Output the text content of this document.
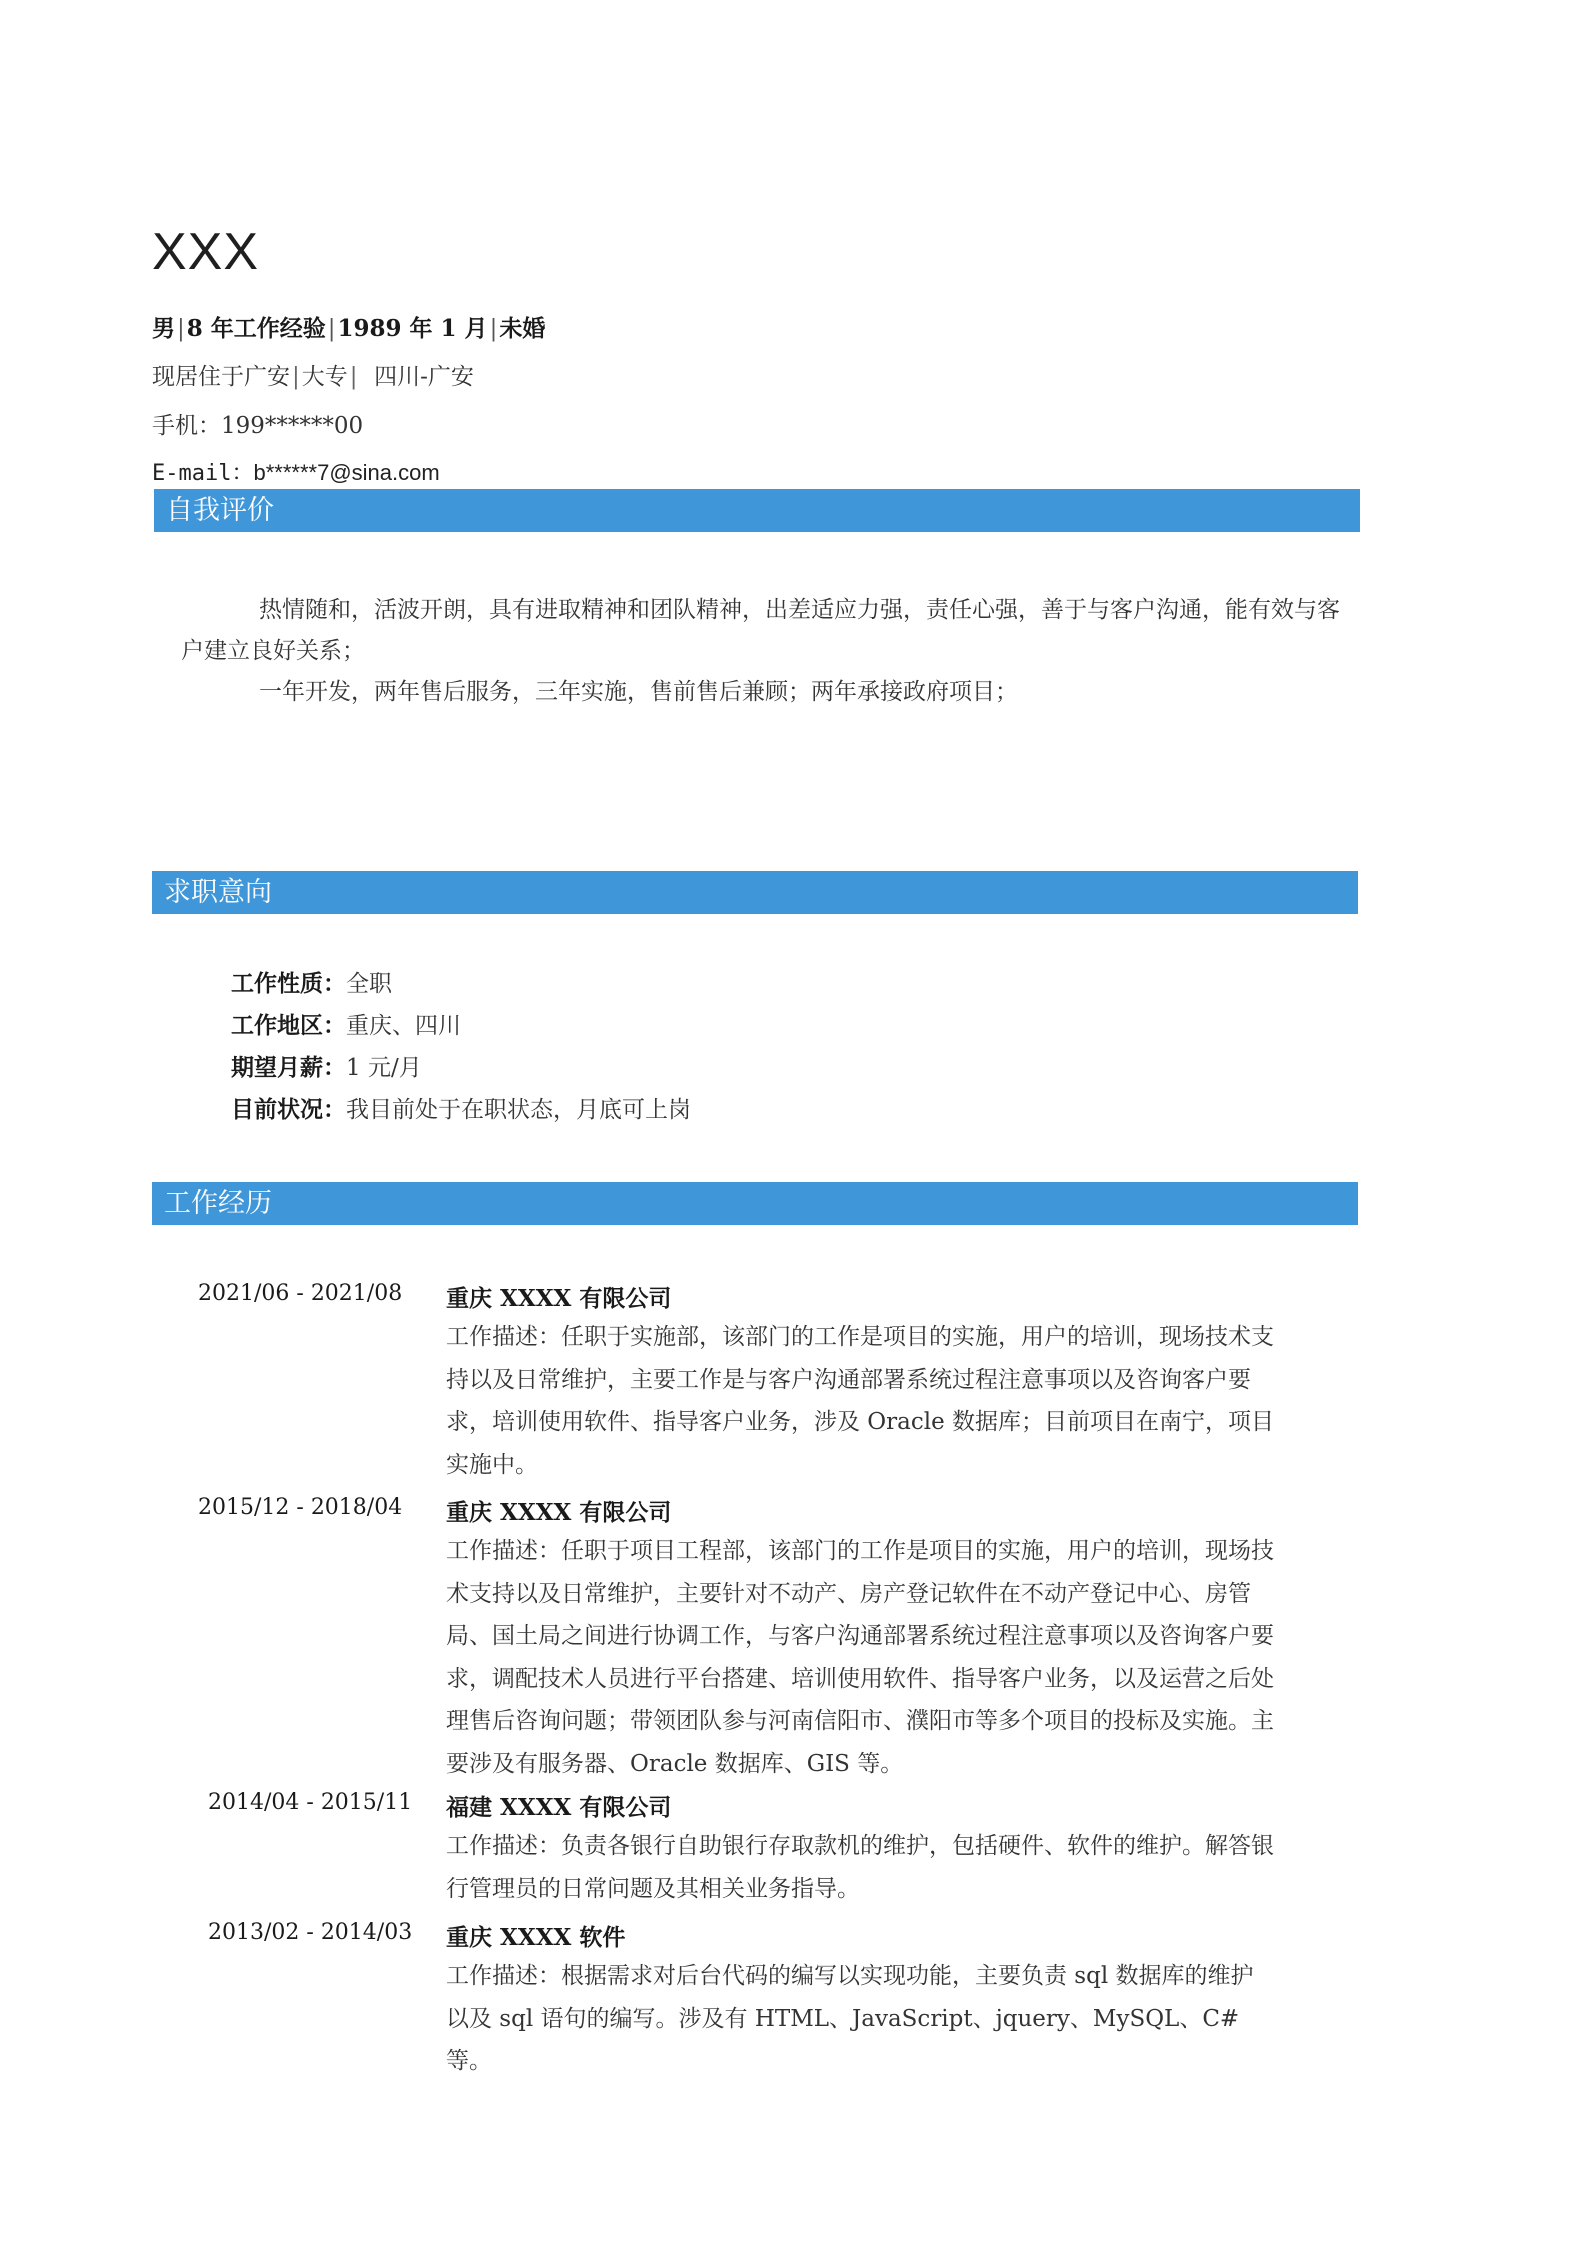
XXX
男|8 年工作经验|1989 年 1 月|未婚
现居住于广安|大专| 四川-广安
手机：199******00
E-mail：b******7@sina.com
自我评价

热情随和，活波开朗，具有进取精神和团队精神，出差适应力强，责任心强，善于与客户沟通，能有效与客户建立良好关系；

一年开发，两年售后服务，三年实施，售前售后兼顾；两年承接政府项目；

求职意向
工作性质：全职
工作地区：重庆、四川
期望月薪：1 元/月
目前状况：我目前处于在职状态，月底可上岗
工作经历
2021/06 - 2021/08 重庆 XXXX 有限公司
工作描述：任职于实施部，该部门的工作是项目的实施，用户的培训，现场技术支持以及日常维护，主要工作是与客户沟通部署系统过程注意事项以及咨询客户要求，培训使用软件、指导客户业务，涉及 Oracle 数据库；目前项目在南宁，项目实施中。
2015/12 - 2018/04 重庆 XXXX 有限公司
工作描述：任职于项目工程部，该部门的工作是项目的实施，用户的培训，现场技术支持以及日常维护，主要针对不动产、房产登记软件在不动产登记中心、房管局、国土局之间进行协调工作，与客户沟通部署系统过程注意事项以及咨询客户要求，调配技术人员进行平台搭建、培训使用软件、指导客户业务，以及运营之后处理售后咨询问题；带领团队参与河南信阳市、濮阳市等多个项目的投标及实施。主要涉及有服务器、Oracle 数据库、GIS 等。
2014/04 - 2015/11 福建 XXXX 有限公司
工作描述：负责各银行自助银行存取款机的维护，包括硬件、软件的维护。解答银行管理员的日常问题及其相关业务指导。
2013/02 - 2014/03 重庆 XXXX 软件
工作描述：根据需求对后台代码的编写以实现功能，主要负责 sql 数据库的维护以及 sql 语句的编写。涉及有 HTML、JavaScript、jquery、MySQL、C#等。
